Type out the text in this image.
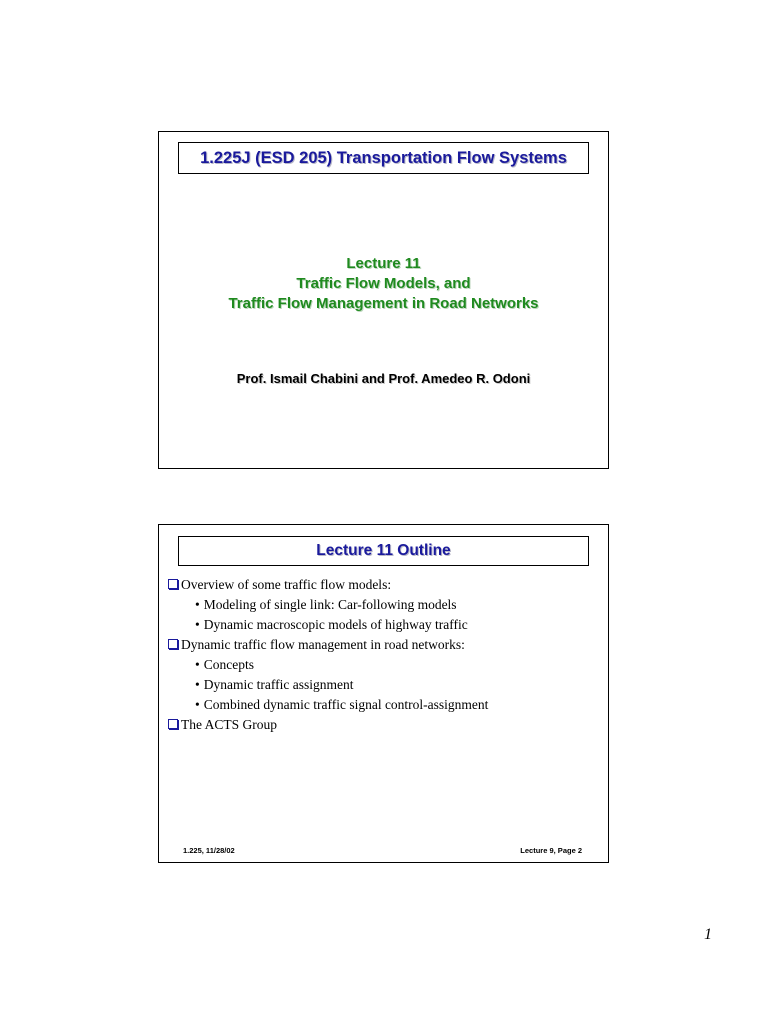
1.225J (ESD 205) Transportation Flow Systems
Lecture 11
Traffic Flow Models, and
Traffic Flow Management in Road Networks
Prof. Ismail Chabini and Prof. Amedeo R. Odoni
Lecture 11 Outline
Overview of some traffic flow models:
• Modeling of single link: Car-following models
• Dynamic macroscopic models of highway traffic
Dynamic traffic flow management in road networks:
• Concepts
• Dynamic traffic assignment
• Combined dynamic traffic signal control-assignment
The ACTS Group
1.225, 11/28/02	Lecture 9, Page 2
1
